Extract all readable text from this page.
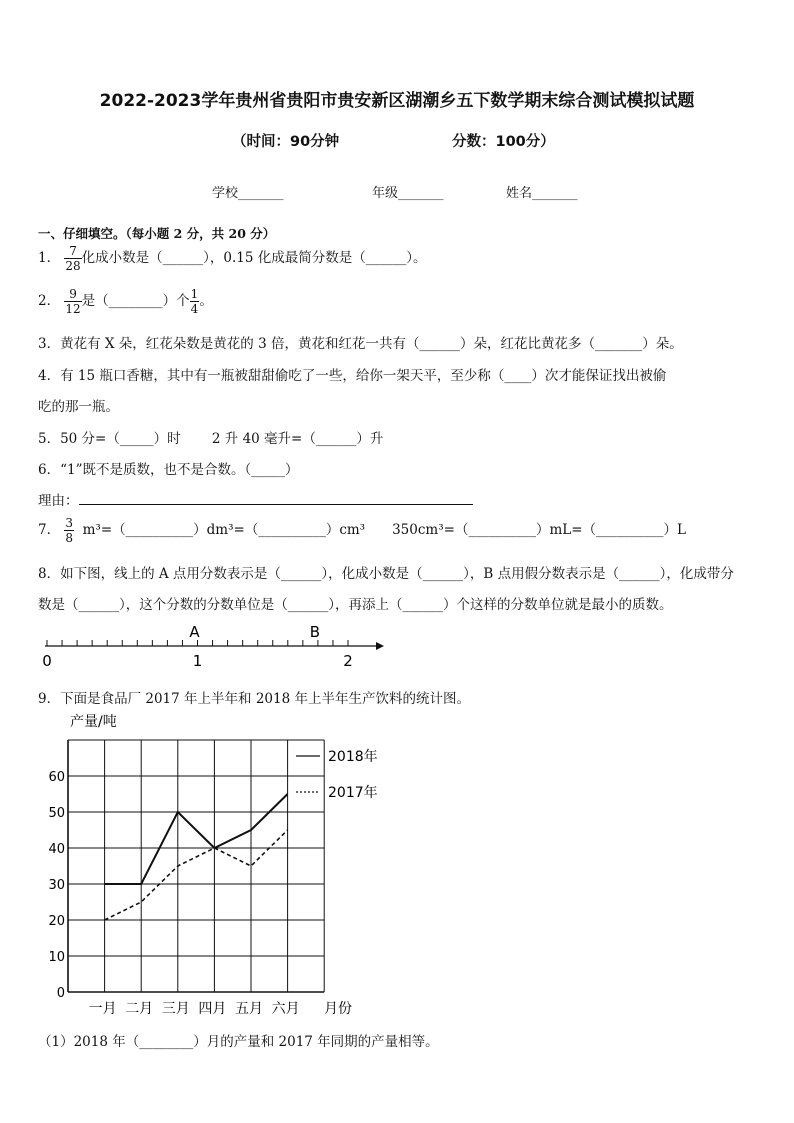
2022-2023学年贵州省贵阳市贵安新区湖潮乡五下数学期末综合测试模拟试题
（时间：90分钟	分数：100分）
学校_______	年级_______	姓名_______
一、仔细填空。（每小题 2 分，共 20 分）
1． $\frac{7}{28}$ 化成小数是（______），0.15 化成最简分数是（______）。
2． $\frac{9}{12}$ 是（________）个 $\frac{1}{4}$ 。
3．黄花有 X 朵，红花朵数是黄花的 3 倍，黄花和红花一共有（______）朵，红花比黄花多（_______）朵。
4．有 15 瓶口香糖，其中有一瓶被甜甜偷吃了一些，给你一架天平，至少称（____）次才能保证找出被偷
吃的那一瓶。
5．50 分=（_____）时　　 2 升 40 毫升=（______）升
6．“1”既不是质数，也不是合数。（_____）
理由：
7． $\frac{3}{8}$ m³=（__________）dm³=（__________）cm³　　350cm³=（__________）mL=（__________）L
8．如下图，线上的 A 点用分数表示是（______），化成小数是（______），B 点用假分数表示是（______），化成带分
数是（______），这个分数的分数单位是（______），再添上（______）个这样的分数单位就是最小的质数。
0	1	2
A	B
9．下面是食品厂 2017 年上半年和 2018 年上半年生产饮料的统计图。
0
10
20
30
40
50
60
一月 二月 三月 四月 五月 六月
产量/吨
月份
2018年
2017年
（1）2018 年（________）月的产量和 2017 年同期的产量相等。
